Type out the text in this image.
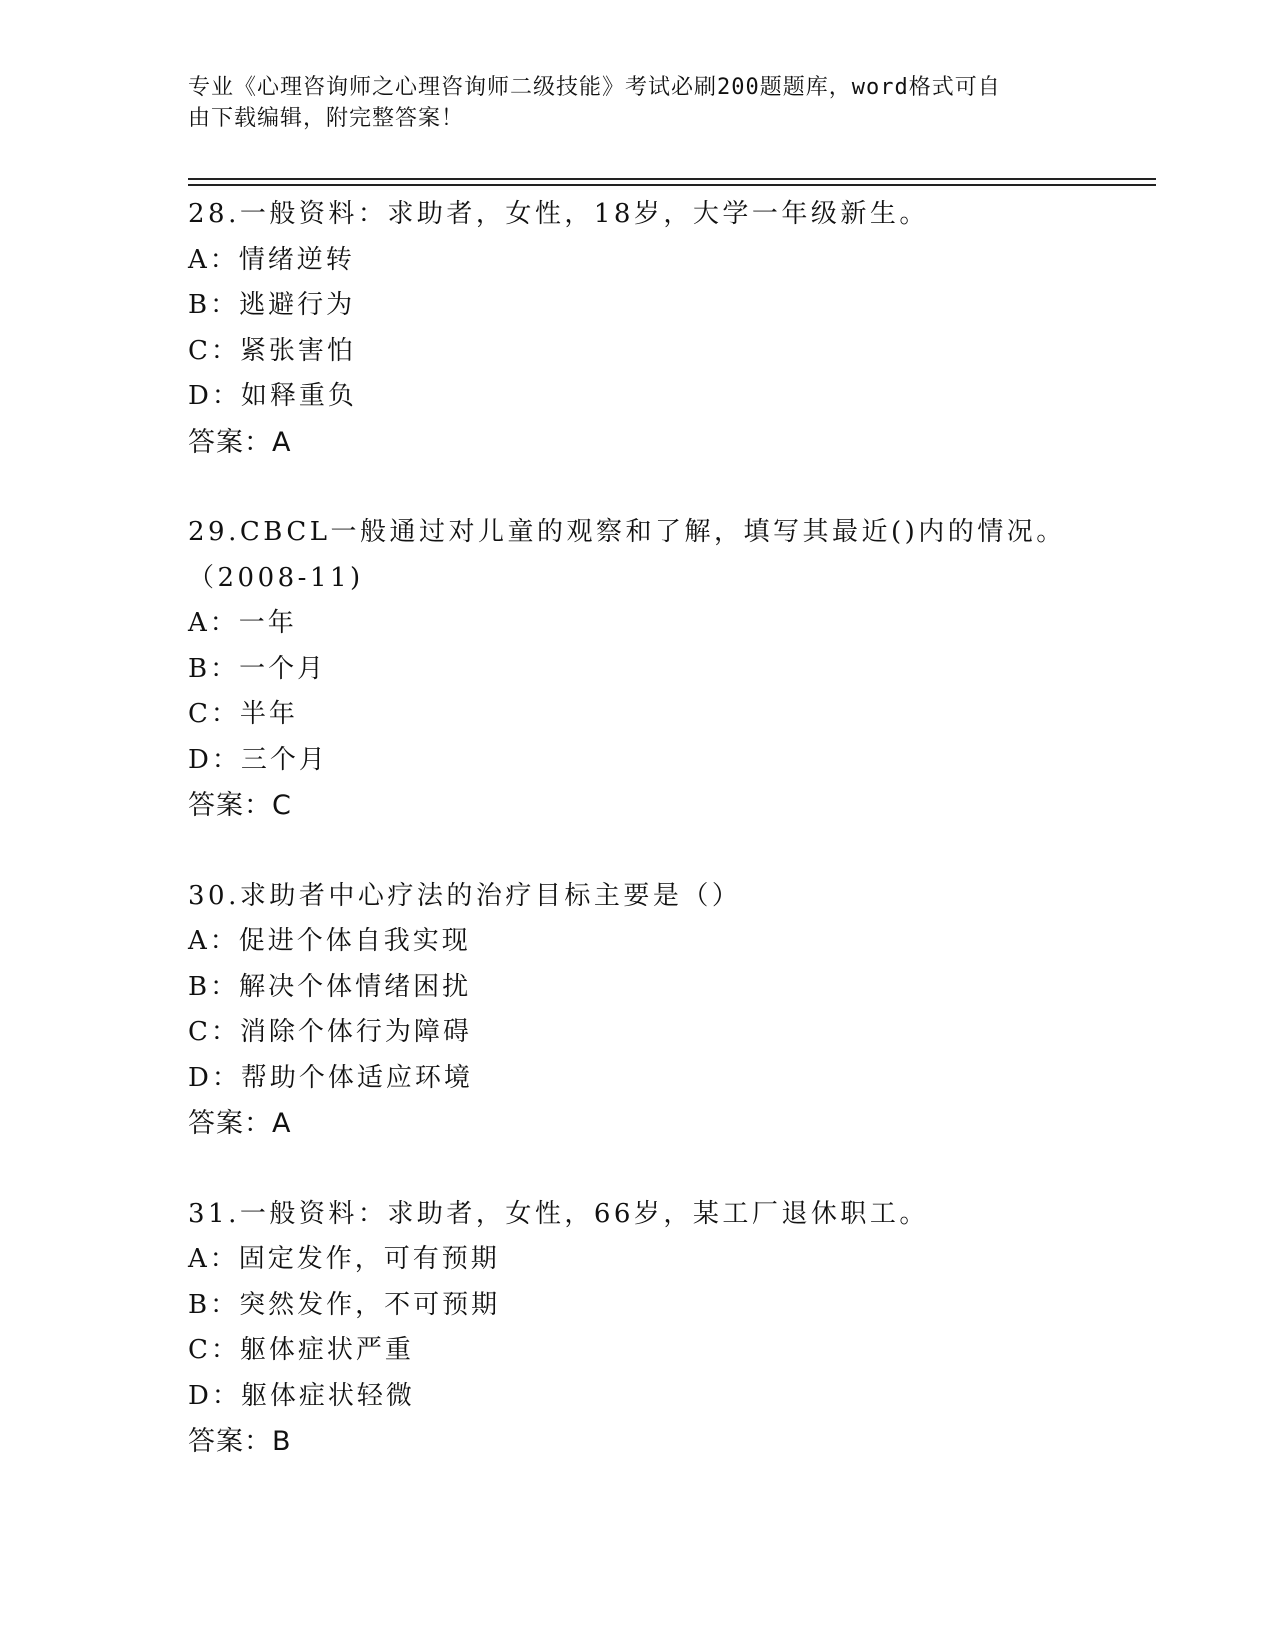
专业《心理咨询师之心理咨询师二级技能》考试必刷200题题库，word格式可自
由下载编辑，附完整答案！
28.一般资料：求助者，女性，18岁，大学一年级新生。
A：情绪逆转
B：逃避行为
C：紧张害怕
D：如释重负
答案：A
29.CBCL一般通过对儿童的观察和了解，填写其最近()内的情况。（2008-11)
A：一年
B：一个月
C：半年
D：三个月
答案：C
30.求助者中心疗法的治疗目标主要是（）
A：促进个体自我实现
B：解决个体情绪困扰
C：消除个体行为障碍
D：帮助个体适应环境
答案：A
31.一般资料：求助者，女性，66岁，某工厂退休职工。
A：固定发作，可有预期
B：突然发作，不可预期
C：躯体症状严重
D：躯体症状轻微
答案：B
